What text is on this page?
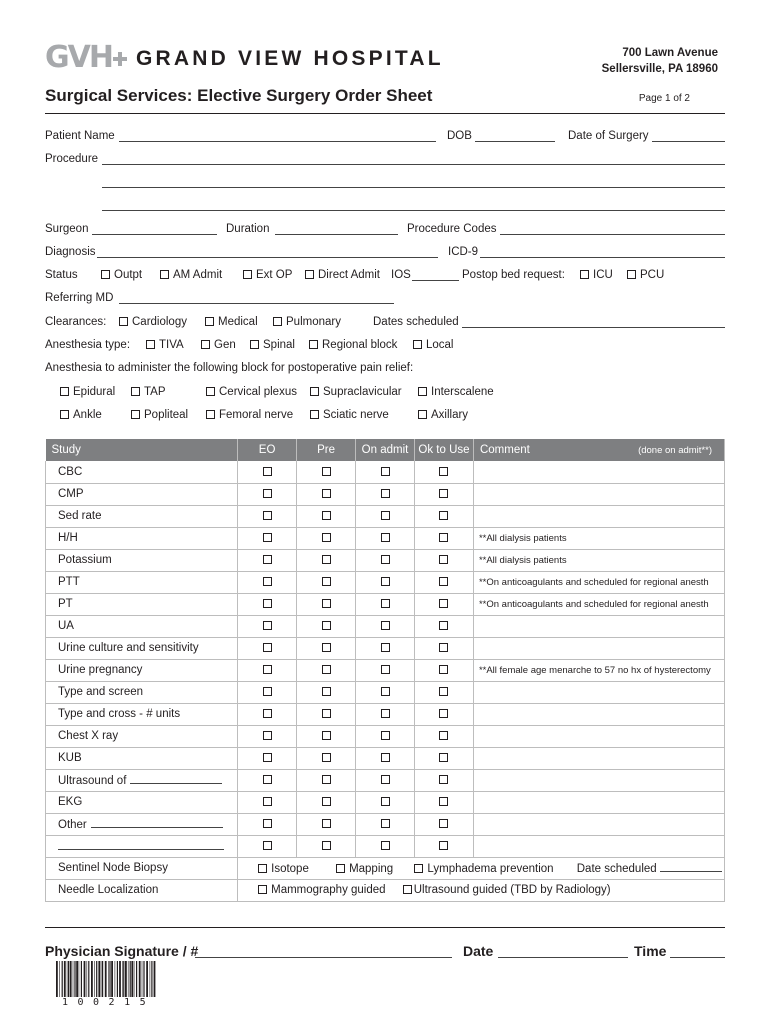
GVH GRAND VIEW HOSPITAL	700 Lawn Avenue
Sellersville, PA 18960
Surgical Services: Elective Surgery Order Sheet	Page 1 of 2
Patient Name	DOB	Date of Surgery
Procedure
Surgeon	Duration	Procedure Codes
Diagnosis	ICD-9
Status	Outpt	AM Admit	Ext OP	Direct Admit IOS	Postop bed request:	ICU	PCU
Referring MD
Clearances:	Cardiology	Medical	Pulmonary	Dates scheduled
Anesthesia type:	TIVA	Gen	Spinal	Regional block	Local
Anesthesia to administer the following block for postoperative pain relief:
Epidural	TAP	Cervical plexus	Supraclavicular	Interscalene
Ankle	Popliteal	Femoral nerve	Sciatic nerve	Axillary
Study	EO	Pre	On admit	Ok to Use	Comment (done on admit**)

CBC					
CMP					
Sed rate					
H/H					**All dialysis patients
Potassium					**All dialysis patients
PTT					**On anticoagulants and scheduled for regional anesth
PT					**On anticoagulants and scheduled for regional anesth
UA					
Urine culture and sensitivity					
Urine pregnancy					**All female age menarche to 57 no hx of hysterectomy
Type and screen					
Type and cross - # units					
Chest X ray					
KUB					
Ultrasound of					
EKG					
Other					

Sentinel Node Biopsy	Isotope Mapping Lymphadema prevention Date scheduled				
Needle Localization	Mammography guided Ultrasound guided (TBD by Radiology)				
Physician Signature / #	Date	Time
100215
